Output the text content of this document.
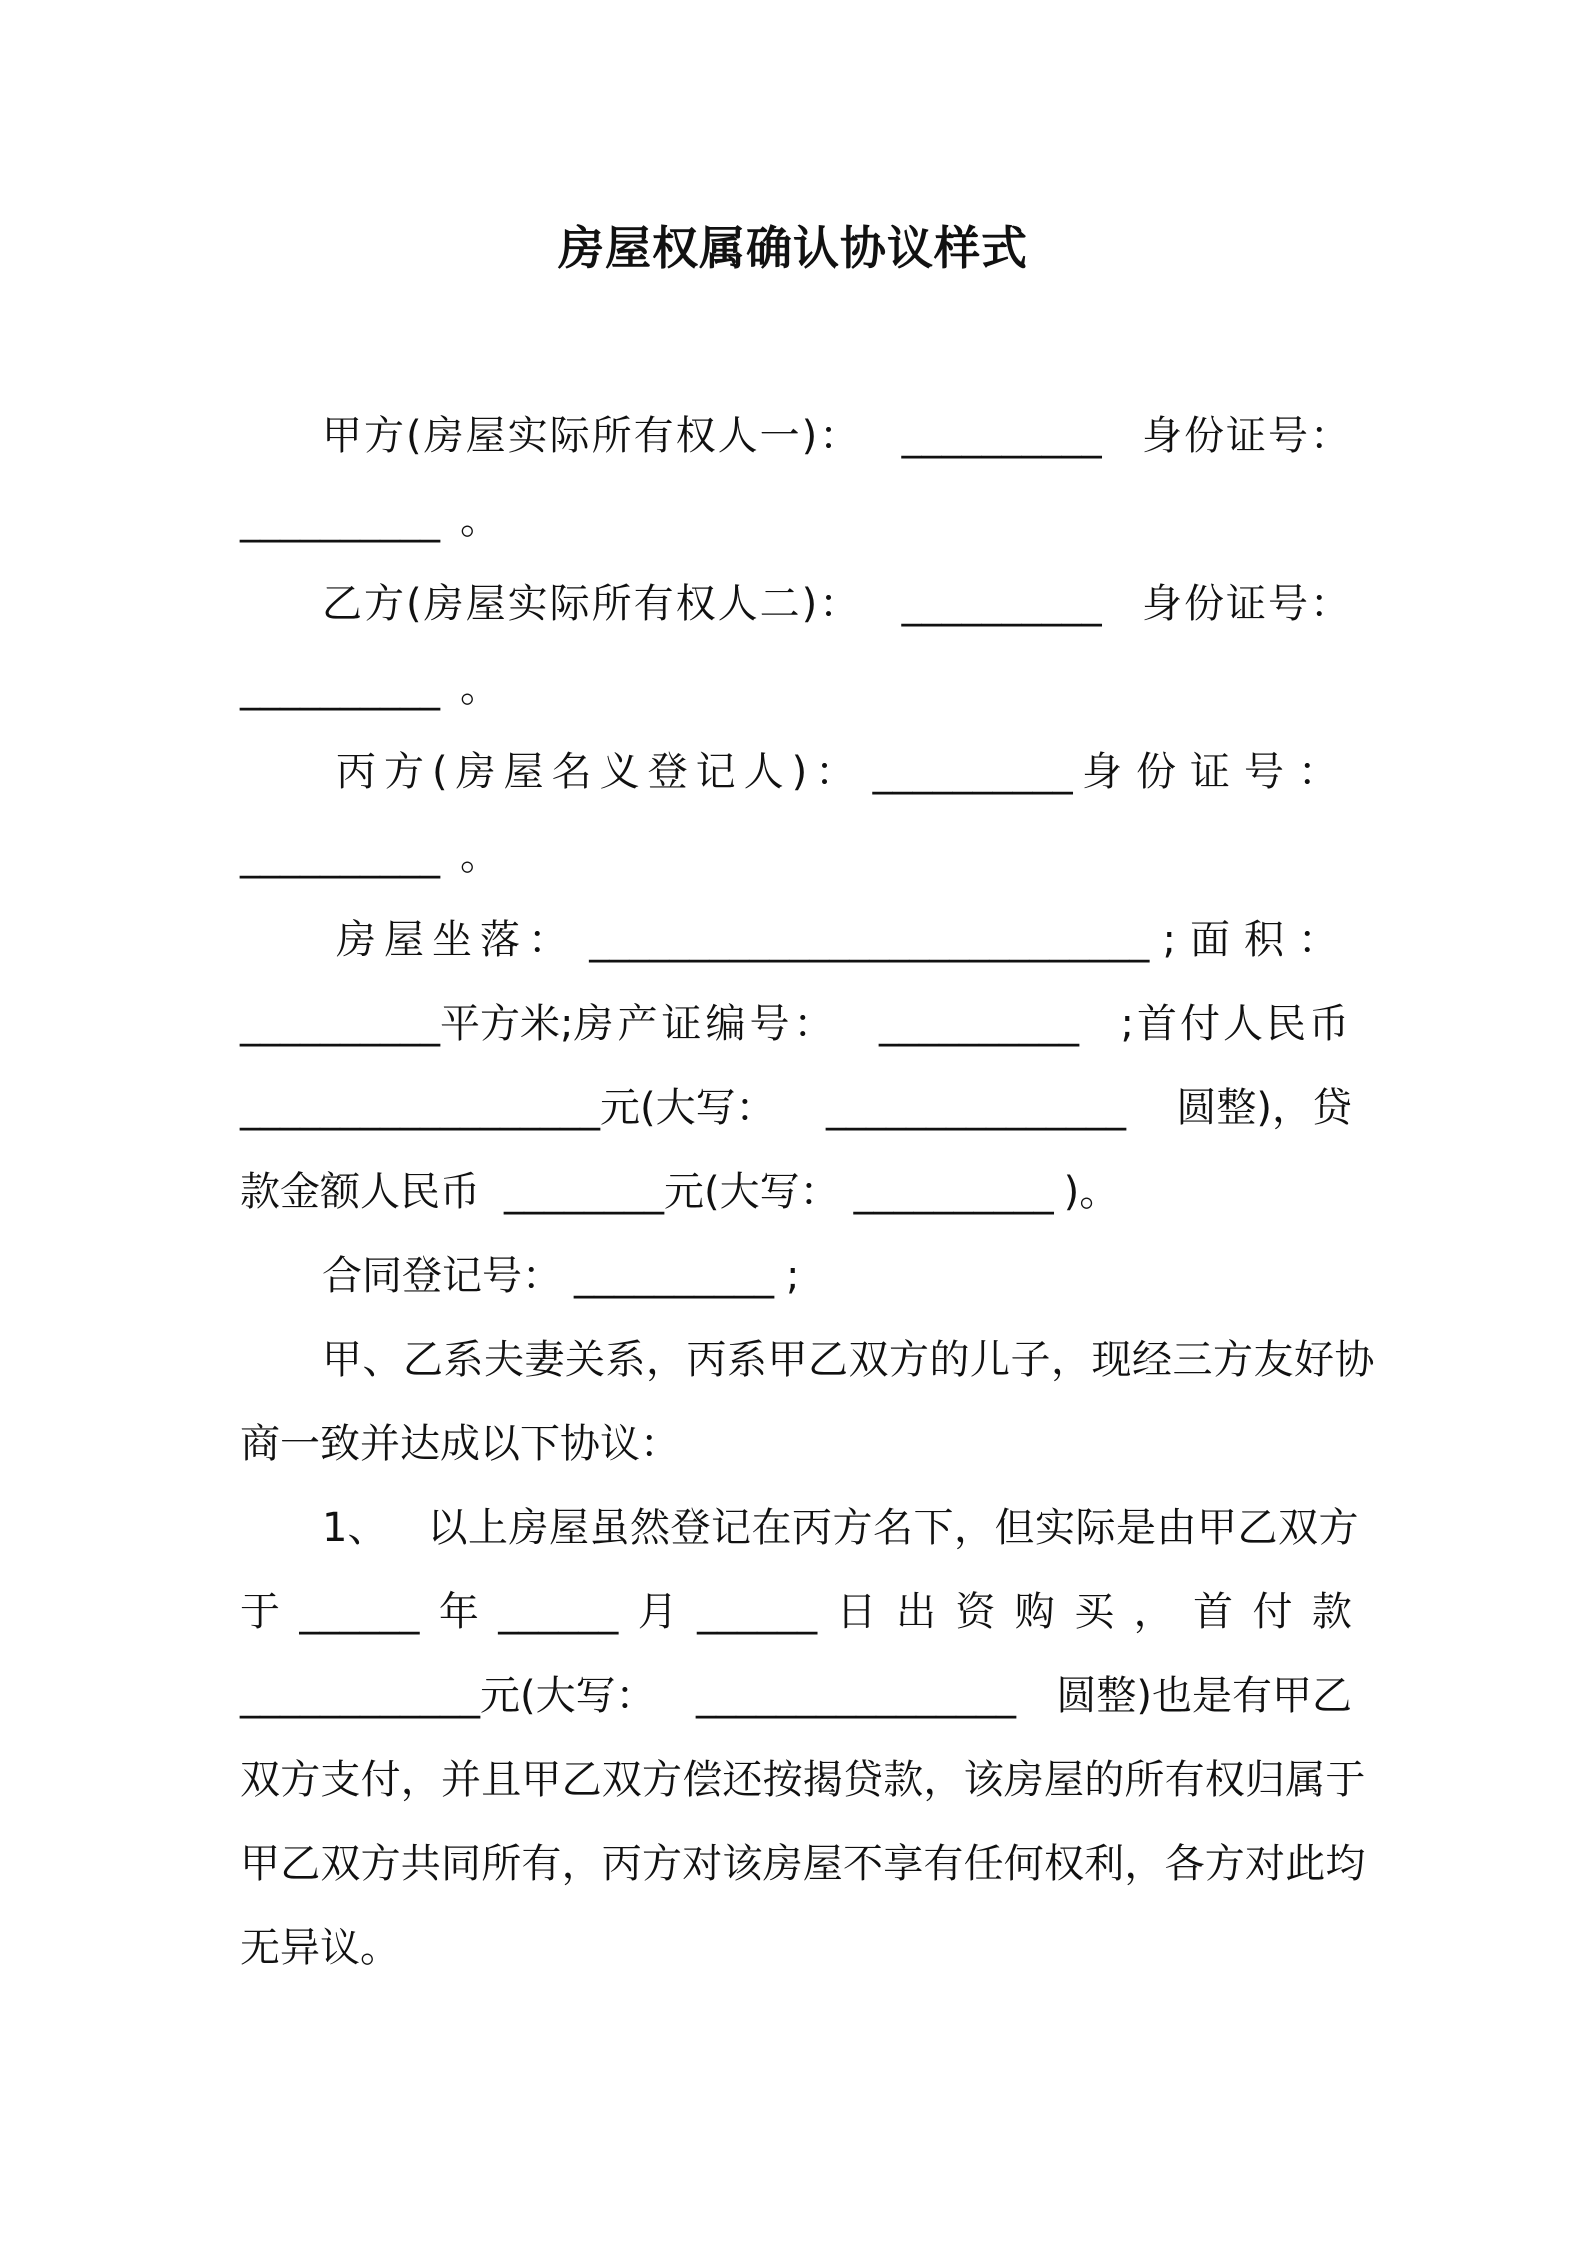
房屋权属确认协议样式
甲方(房屋实际所有权人一)： __________ 身份证号：
__________ 。
乙方(房屋实际所有权人二)： __________ 身份证号：
__________ 。
丙方(房屋名义登记人)： __________ 身份证号：
__________ 。
房屋坐落： ____________________________ ;面积：
__________平方米;房产证编号： __________ ;首付人民币
__________________元(大写： _______________ 圆整)，贷
款金额人民币 ________ 元(大写： __________ )。
合同登记号： __________ ;
甲、乙系夫妻关系，丙系甲乙双方的儿子，现经三方友好协
商一致并达成以下协议：
1、 以上房屋虽然登记在丙方名下，但实际是由甲乙双方
于 ______ 年 ______ 月 ______ 日 出 资 购 买 ， 首 付 款
____________元(大写： ________________ 圆整)也是有甲乙
双方支付，并且甲乙双方偿还按揭贷款，该房屋的所有权归属于
甲乙双方共同所有，丙方对该房屋不享有任何权利，各方对此均
无异议。
